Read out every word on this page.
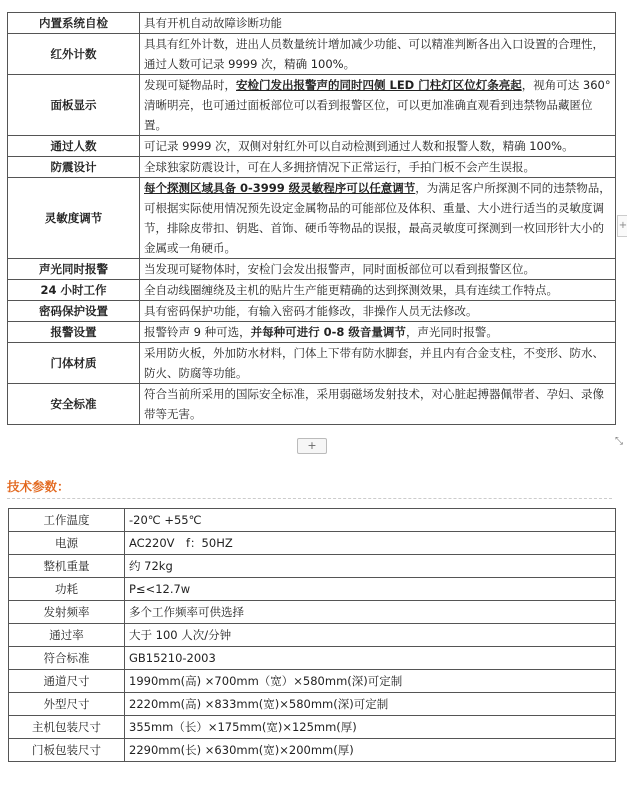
内置系统自检	具有开机自动故障诊断功能
红外计数	具具有红外计数，进出人员数量统计增加减少功能、可以精准判断各出入口设置的合理性，通过人数可记录 9999 次，精确 100%。
面板显示	发现可疑物品时，安检门发出报警声的同时四侧 LED 门柱灯区位灯条亮起，视角可达 360°清晰明亮，也可通过面板部位可以看到报警区位，可以更加准确直观看到违禁物品藏匿位置。
通过人数	可记录 9999 次，双侧对射红外可以自动检测到通过人数和报警人数，精确 100%。
防震设计	全球独家防震设计，可在人多拥挤情况下正常运行，手拍门板不会产生误报。
灵敏度调节	每个探测区域具备 0-3999 级灵敏程序可以任意调节，为满足客户所探测不同的违禁物品，可根据实际使用情况预先设定金属物品的可能部位及体积、重量、大小进行适当的灵敏度调节，排除皮带扣、钥匙、首饰、硬币等物品的误报，最高灵敏度可探测到一枚回形针大小的金属或一角硬币。
声光同时报警	当发现可疑物体时，安检门会发出报警声，同时面板部位可以看到报警区位。
24 小时工作	全自动线圈缠绕及主机的贴片生产能更精确的达到探测效果，具有连续工作特点。
密码保护设置	具有密码保护功能，有输入密码才能修改，非操作人员无法修改。
报警设置	报警铃声 9 种可选，并每种可进行 0-8 级音量调节，声光同时报警。
门体材质	采用防火板，外加防水材料，门体上下带有防水脚套，并且内有合金支柱，不变形、防水、防火、防腐等功能。
安全标准	符合当前所采用的国际安全标准，采用弱磁场发射技术，对心脏起搏器佩带者、孕妇、录像带等无害。
+	⤡
+
技术参数：
工作温度	-20℃ +55℃
电源	AC220V　f：50HZ
整机重量	约 72kg
功耗	P≤<12.7w
发射频率	多个工作频率可供选择
通过率	大于 100 人次/分钟
符合标准	GB15210-2003
通道尺寸	1990mm(高) ×700mm（宽）×580mm(深)可定制
外型尺寸	2220mm(高) ×833mm(宽)×580mm(深)可定制
主机包装尺寸	355mm（长）×175mm(宽)×125mm(厚)
门板包装尺寸	2290mm(长) ×630mm(宽)×200mm(厚)
